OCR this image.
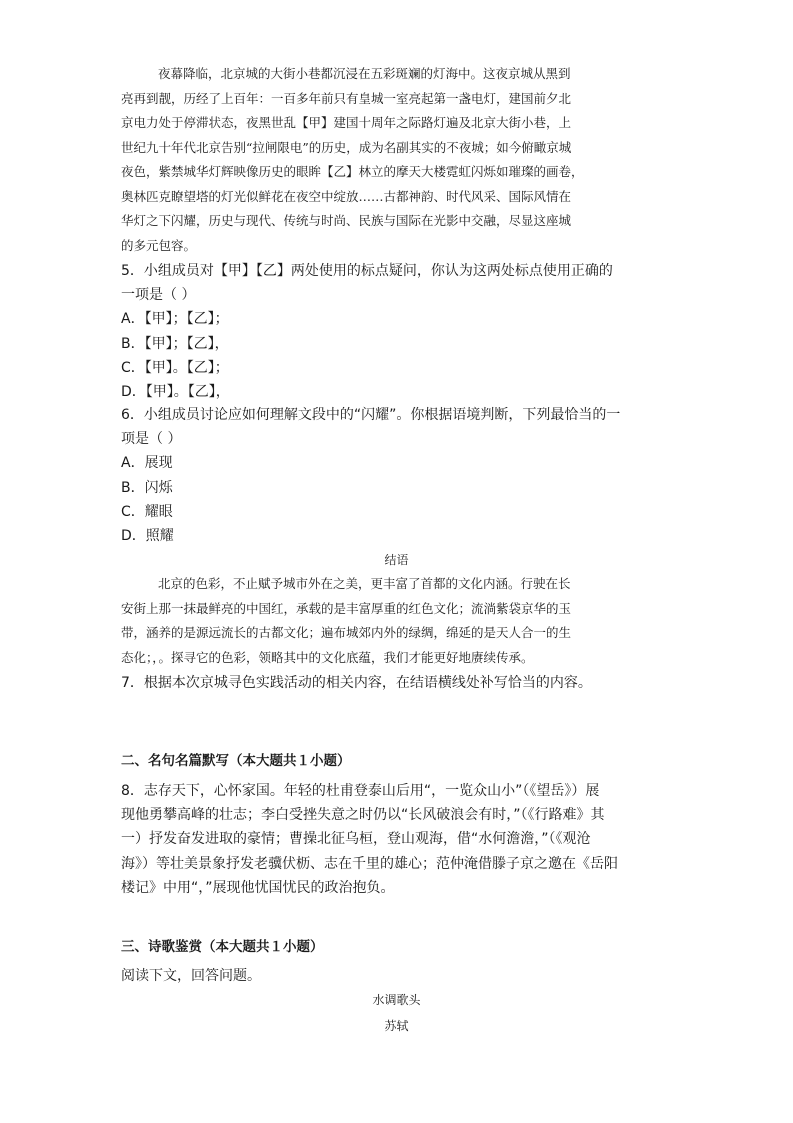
夜幕降临，北京城的大街小巷都沉浸在五彩斑斓的灯海中。这夜京城从黑到
亮再到靓，历经了上百年：一百多年前只有皇城一室亮起第一盏电灯，建国前夕北
京电力处于停滞状态，夜黑世乱【甲】建国十周年之际路灯遍及北京大街小巷，上
世纪九十年代北京告别“拉闸限电”的历史，成为名副其实的不夜城；如今俯瞰京城
夜色，紫禁城华灯辉映像历史的眼眸【乙】林立的摩天大楼霓虹闪烁如璀璨的画卷，
奥林匹克瞭望塔的灯光似鲜花在夜空中绽放……古都神韵、时代风采、国际风情在
华灯之下闪耀，历史与现代、传统与时尚、民族与国际在光影中交融，尽显这座城
的多元包容。

5．小组成员对【甲】【乙】两处使用的标点疑问，你认为这两处标点使用正确的

一项是（ ）

A．【甲】；【乙】；

B．【甲】；【乙】，

C．【甲】。【乙】；

D．【甲】。【乙】，

6．小组成员讨论应如何理解文段中的“闪耀”。你根据语境判断，下列最恰当的一

项是（ ）

A．展现

B．闪烁

C．耀眼

D．照耀

结语
北京的色彩，不止赋予城市外在之美，更丰富了首都的文化内涵。行驶在长
安街上那一抹最鲜亮的中国红，承载的是丰富厚重的红色文化；流淌紫袋京华的玉
带，涵养的是源远流长的古都文化；遍布城郊内外的绿绸，绵延的是天人合一的生
态化；，。探寻它的色彩，领略其中的文化底蕴，我们才能更好地赓续传承。
7．根据本次京城寻色实践活动的相关内容，在结语横线处补写恰当的内容。
二、名句名篇默写（本大题共１小题）

8．志存天下，心怀家国。年轻的杜甫登泰山后用“，一览众山小”（《望岳》）展

现他勇攀高峰的壮志；李白受挫失意之时仍以“长风破浪会有时，”（《行路难》其

一）抒发奋发进取的豪情；曹操北征乌桓，登山观海，借“水何澹澹，”（《观沧

海》）等壮美景象抒发老骥伏枥、志在千里的雄心；范仲淹借滕子京之邀在《岳阳

楼记》中用“，”展现他忧国忧民的政治抱负。

三、诗歌鉴赏（本大题共１小题）
阅读下文，回答问题。
水调歌头
苏轼
